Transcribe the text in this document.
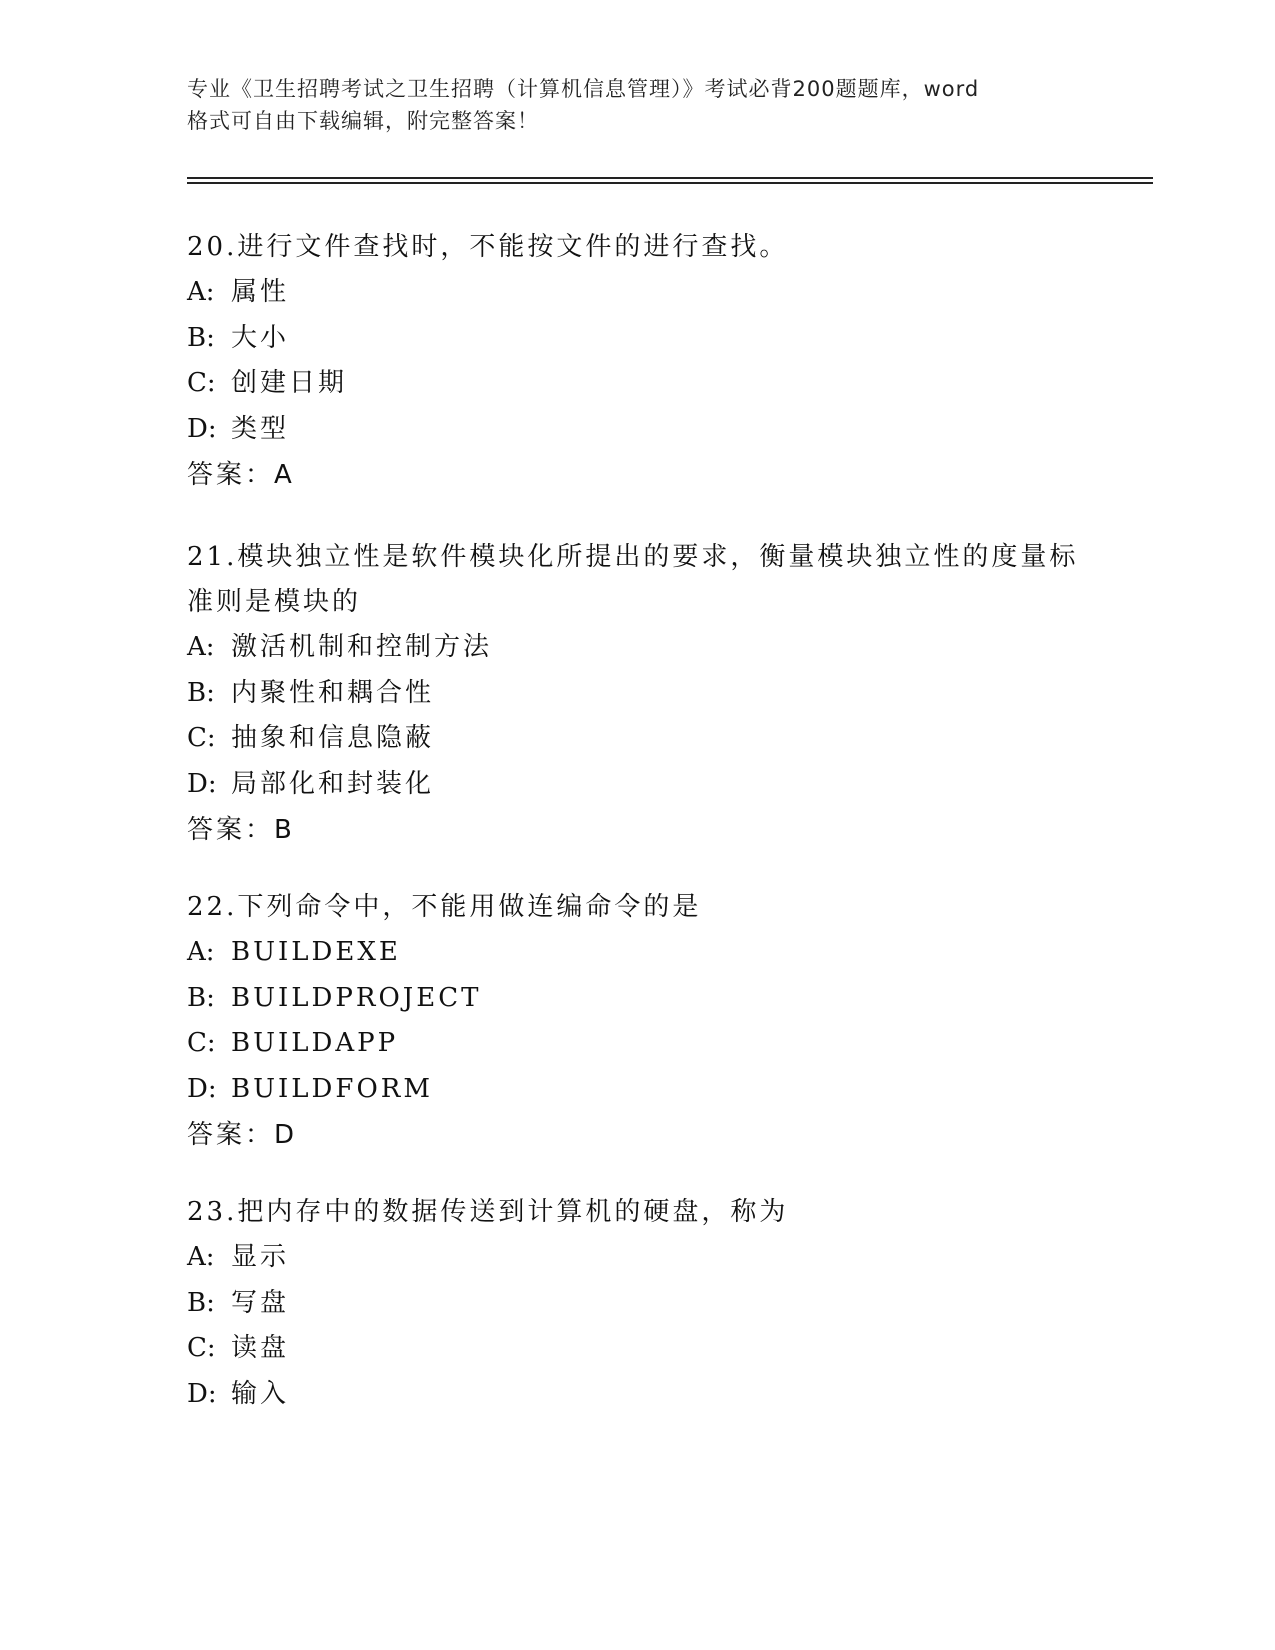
专业《卫生招聘考试之卫生招聘（计算机信息管理）》考试必背200题题库，word
格式可自由下载编辑，附完整答案！
20.进行文件查找时，不能按文件的进行查找。
A: 属性
B: 大小
C: 创建日期
D: 类型
答案：A
21.模块独立性是软件模块化所提出的要求，衡量模块独立性的度量标
准则是模块的
A: 激活机制和控制方法
B: 内聚性和耦合性
C: 抽象和信息隐蔽
D: 局部化和封装化
答案：B
22.下列命令中，不能用做连编命令的是
A: BUILDEXE
B: BUILDPROJECT
C: BUILDAPP
D: BUILDFORM
答案：D
23.把内存中的数据传送到计算机的硬盘，称为
A: 显示
B: 写盘
C: 读盘
D: 输入
